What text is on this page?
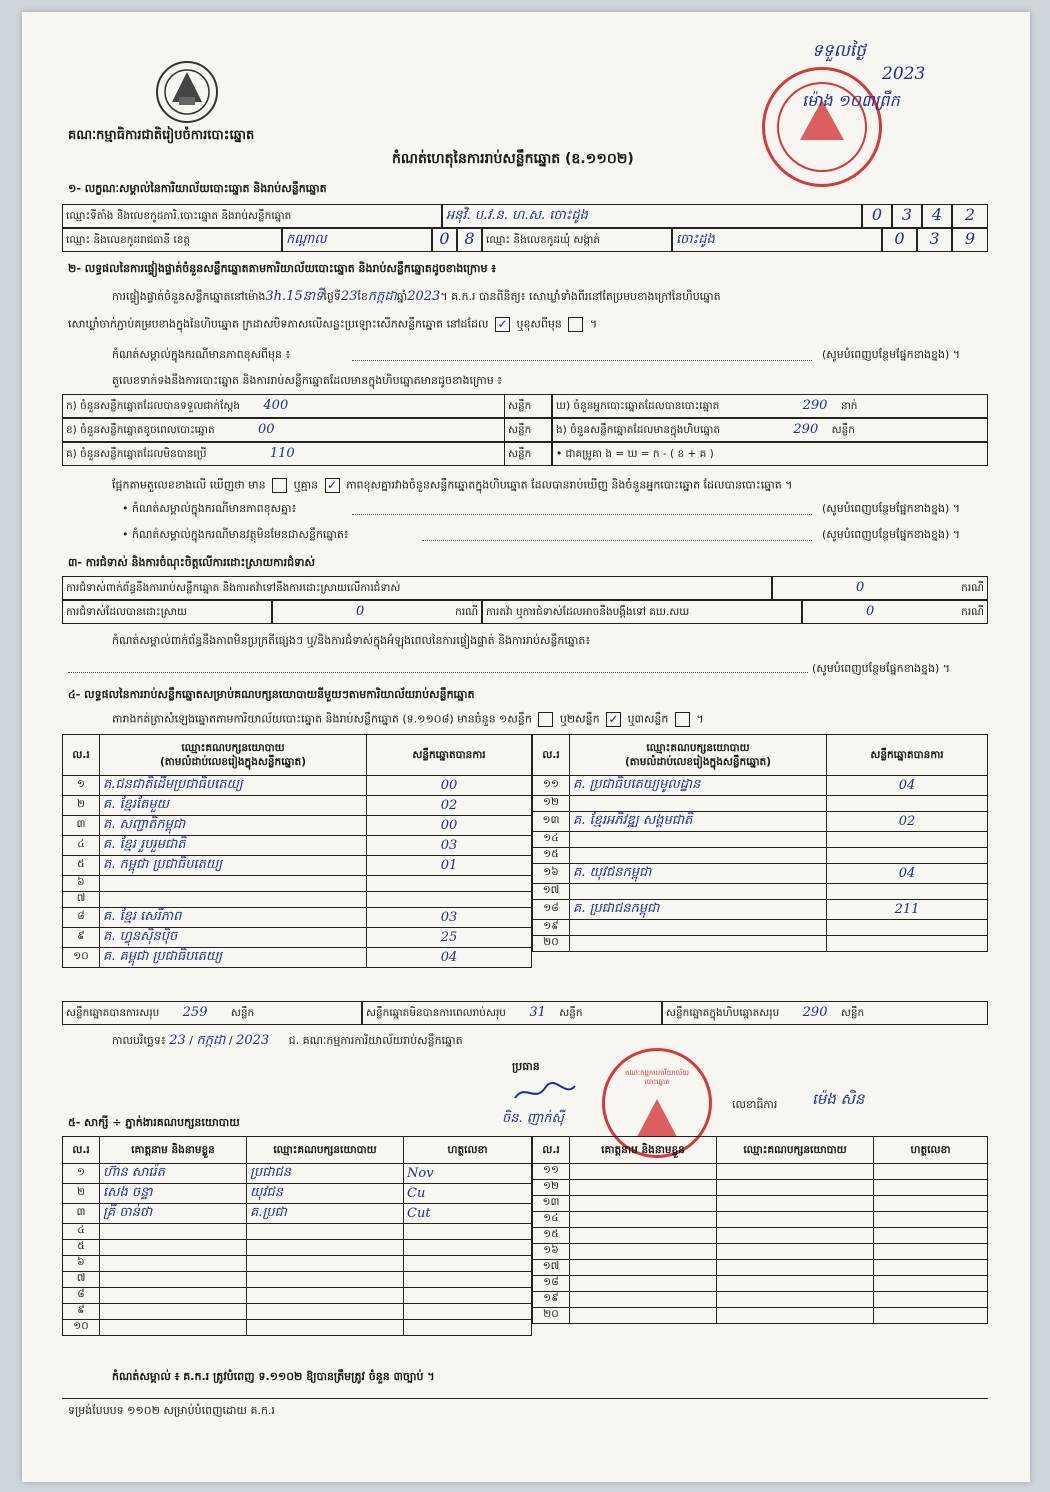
គណៈកម្មាធិការជាតិរៀបចំការបោះឆ្នោត
កំណត់ហេតុនៃការរាប់សន្លឹកឆ្នោត (ឧ.១១០២)
ទទួលថ្ងៃ
2023
ម៉ោង ១០៣ព្រឹក
១- លក្ខណៈសម្គាល់នៃការិយាល័យបោះឆ្នោត និងរាប់សន្លឹកឆ្នោត
ឈ្មោះទីតាំង និងលេខកូដការិ.បោះឆ្នោត និងរាប់សន្លឹកឆ្នោត	អនុវិ. ប.វ.ន. ហ.ស. ចោះដូង	0	3	4	2
ឈ្មោះ និងលេខកូដរាជធានី ខេត្ត	កណ្ដាល	0 8	ឈ្មោះ និងលេខកូដឃុំ សង្កាត់	ចោះដូង	0	3	9
២- លទ្ធផលនៃការផ្ទៀងផ្ទាត់ចំនួនសន្លឹកឆ្នោតតាមការិយាល័យបោះឆ្នោត និងរាប់សន្លឹកឆ្នោតដូចខាងក្រោម ៖
ការផ្ទៀងផ្ទាត់ចំនួនសន្លឹកឆ្នោតនៅម៉ោង3h.15នាទីថ្ងៃទី23ខែកក្កដាឆ្នាំ2023។ គ.ក.រ បានពិនិត្យ៖ សោឃ្លាំទាំងពីរនៅតែប្រមបខាងក្រៅនៃហិបឆ្នោត
សោឃ្លាំចាក់ភ្ជាប់គម្របខាងក្នុងនៃហិបឆ្នោត ក្រដាសបិទភាសលើសន្លះប្រឡោះសើកសន្លឹកឆ្នោត នៅដដែល ✓ ឬខុសពីមុន	។
កំណត់សម្គាល់ក្នុងករណីមានភាពខុសពីមុន ៖	(សូមបំពេញបន្ថែមផ្នែកខាងខ្នង) ។
តួលេខទាក់ទងនឹងការបោះឆ្នោត និងការរាប់សន្លឹកឆ្នោតដែលមានក្នុងហិបឆ្នោតមានដូចខាងក្រោម ៖
ក) ចំនួនសន្លឹកឆ្នោតដែលបានទទួលជាក់ស្តែង 400	សន្លឹក	ឃ) ចំនួនអ្នកបោះឆ្នោតដែលបានបោះឆ្នោត	290 នាក់
ខ) ចំនួនសន្លឹកឆ្នោតខូចពេលបោះឆ្នោត	00	សន្លឹក	ង) ចំនួនសន្លឹកឆ្នោតដែលមានក្នុងហិបឆ្នោត	290 សន្លឹក
គ) ចំនួនសន្លឹកឆ្នោតដែលមិនបានប្រើ	110	សន្លឹក	• ជាគម្រូគា ង = ឃ = ក - ( ខ + គ )
ផ្អែកតាមតួលេខខាងលើ ឃើញថា មាន	ឬគ្មាន ✓ ភាពខុសគ្នារវាងចំនួនសន្លឹកឆ្នោតក្នុងហិបឆ្នោត ដែលបានរាប់ឃើញ និងចំនួនអ្នកបោះឆ្នោត ដែលបានបោះឆ្នោត ។
• កំណត់សម្គាល់ក្នុងករណីមានភាពខុសគ្នា៖	(សូមបំពេញបន្ថែមផ្នែកខាងខ្នង) ។
• កំណត់សម្គាល់ក្នុងករណីមានវត្ថុមិនមែនជាសន្លឹកឆ្នោត៖	(សូមបំពេញបន្ថែមផ្នែកខាងខ្នង) ។
៣- ការជំទាស់ និងការចំណុះចិត្តលើការដោះស្រាយការជំទាស់
ការជំទាស់ពាក់ព័ន្ធនឹងការរាប់សន្លឹកឆ្នោត និងការតវ៉ាទៅនឹងការដោះស្រាយលើការជំទាស់	0	ករណី
ការជំទាស់ដែលបានដោះស្រាយ	0	ករណី ការតវ៉ា ឬការជំទាស់ដែលអាចនឹងបង្ដឹងទៅ គឃ.សឃ	0	ករណី
កំណត់សម្គាល់ពាក់ព័ន្ធនឹងភាពមិនប្រក្រតីផ្សេងៗ ឬ/និងការជំទាស់ក្នុងអំឡុងពេលនៃការផ្ទៀងផ្ទាត់ និងការរាប់សន្លឹកឆ្នោត៖
(សូមបំពេញបន្ថែមផ្នែកខាងខ្នង) ។
៤- លទ្ធផលនៃការរាប់សន្លឹកឆ្នោតសម្រាប់គណបក្សនយោបាយនីមួយៗតាមការិយាល័យរាប់សន្លឹកឆ្នោត
តារាងកត់ត្រាសំឡេងឆ្នោតតាមការិយាល័យបោះឆ្នោត និងរាប់សន្លឹកឆ្នោត (ទ.១១០៨) មានចំនួន ១សន្លឹក	ឬ២សន្លឹក ✓ ឬ៣សន្លឹក	។
ល.រ	ឈ្មោះគណបក្សនយោបាយ
(តាមលំដាប់លេខរៀងក្នុងសន្លឹកឆ្នោត)	សន្លឹកឆ្នោតបានការ
១	គ.ជនជាតិដើមប្រជាធិបតេយ្យ	00
២	គ. ខ្មែរតែមួយ	02
៣	គ. សញ្ជាតិកម្ពុជា	00
៤	គ. ខ្មែរ រួបរួមជាតិ	03
៥	គ. កម្ពុជា ប្រជាធិបតេយ្យ	01
៦		
៧		
៨	គ. ខ្មែរ សេរីភាព	03
៩	គ. ហ្វុនស៊ិនប៉ិច	25
១០	គ. គម្ពុជា ប្រជាធិបតេយ្យ	04
ល.រ	ឈ្មោះគណបក្សនយោបាយ
(តាមលំដាប់លេខរៀងក្នុងសន្លឹកឆ្នោត)	សន្លឹកឆ្នោតបានការ
១១	គ. ប្រជាធិបតេយ្យមូលដ្ឋាន	04
១២		
១៣	គ. ខ្មែរអភិវឌ្ឍ សង្គមជាតិ	02
១៤		
១៥		
១៦	គ. យុវជនកម្ពុជា	04
១៧		
១៨	គ. ប្រជាជនកម្ពុជា	211
១៩		
២០		
សន្លឹកឆ្នោតបានការសរុប 259 សន្លឹក	សន្លឹកឆ្នោតមិនបានការពេលរាប់សរុប 31 សន្លឹក	សន្លឹកឆ្នោតក្នុងហិបឆ្នោតសរុប 290 សន្លឹក
កាលបរិច្ឆេទ៖ 23 / កក្កដា / 2023 ជ. គណៈកម្មការការិយាល័យរាប់សន្លឹកឆ្នោត
ប្រធាន
ចិន. ញាក់ស៊ី
គណៈកម្មការការិយាល័យបោះឆ្នោត
លេខាធិការ ម៉េង សិន
៥- សាក្សី ÷ ភ្នាក់ងារគណបក្សនយោបាយ
ល.រ	គោត្តនាម និងនាមខ្លួន	ឈ្មោះគណបក្សនយោបាយ	ហត្ថលេខា
១	ហ៊ាន សារ៉េត	ប្រជាជន	Nov
២	សេង ចន្ទា	យុវជន	Cu
៣	គ្រី ចាន់ថា	គ.ប្រជា	Cut
៤			
៥			
៦			
៧			
៨			
៩			
១០			
ល.រ	គោត្តនាម និងនាមខ្លួន	ឈ្មោះគណបក្សនយោបាយ	ហត្ថលេខា
១១			
១២			
១៣			
១៤			
១៥			
១៦			
១៧			
១៨			
១៩			
២០			
កំណត់សម្គាល់ ៖ គ.ក.រ ត្រូវបំពេញ ទ.១១០២ ឱ្យបានត្រឹមត្រូវ ចំនួន ៣ច្បាប់ ។
ទម្រង់បែបបទ ១១០២ សម្រាប់បំពេញដោយ គ.ក.រ
